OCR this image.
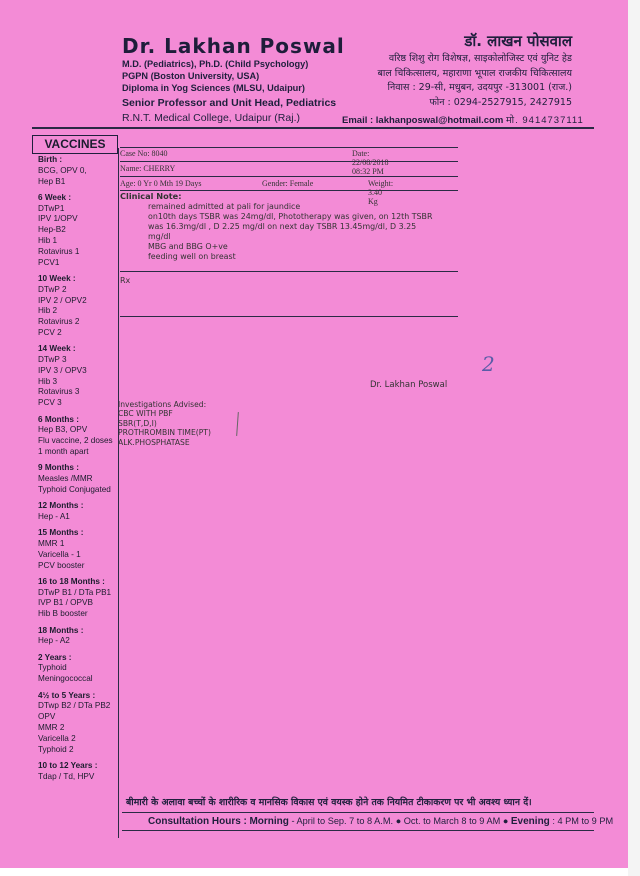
Dr. Lakhan Poswal
M.D. (Pediatrics), Ph.D. (Child Psychology)
PGPN (Boston University, USA)
Diploma in Yog Sciences (MLSU, Udaipur)
Senior Professor and Unit Head, Pediatrics
R.N.T. Medical College, Udaipur (Raj.)
डॉ. लाखन पोसवाल
वरिष्ठ शिशु रोग विशेषज्ञ, साइकोलोजिस्ट एवं युनिट हेड
बाल चिकित्सालय, महाराणा भूपाल राजकीय चिकित्सालय
निवास : 29-सी, मधुबन, उदयपुर -313001 (राज.)
फोन : 0294-2527915, 2427915
Email : lakhanposwal@hotmail.com मो. 9414737111
VACCINES
Birth :
BCG, OPV 0,
Hep B1
6 Week :
DTwP1
IPV 1/OPV
Hep-B2
Hib 1
Rotavirus 1
PCV1
10 Week :
DTwP 2
IPV 2 / OPV2
Hib 2
Rotavirus 2
PCV 2
14 Week :
DTwP 3
IPV 3 / OPV3
Hib 3
Rotavirus 3
PCV 3
6 Months :
Hep B3, OPV
Flu vaccine, 2 doses
1 month apart
9 Months :
Measles /MMR
Typhoid Conjugated
12 Months :
Hep - A1
15 Months :
MMR 1
Varicella - 1
PCV booster
16 to 18 Months :
DTwP B1 / DTa PB1
IVP B1 / OPVB
Hib B booster
18 Months :
Hep - A2
2 Years :
Typhoid
Meningococcal
4½ to 5 Years :
DTwp B2 / DTa PB2
OPV
MMR 2
Varicella 2
Typhoid 2
10 to 12 Years :
Tdap / Td, HPV
Case No: 8040	Date: 22/08/2018 08:32 PM
Name: CHERRY
Age: 0 Yr 0 Mth 19 Days	Gender: Female	Weight: 3.40 Kg
Clinical Note:
remained admitted at pali for jaundice
on10th days TSBR was 24mg/dl, Phototherapy was given, on 12th TSBR
was 16.3mg/dl , D 2.25 mg/dl on next day TSBR 13.45mg/dl, D 3.25
mg/dl
MBG and BBG O+ve
feeding well on breast
Rx
2
Dr. Lakhan Poswal
Investigations Advised:
CBC WITH PBF
SBR(T,D,I)
PROTHROMBIN TIME(PT)
ALK.PHOSPHATASE
बीमारी के अलावा बच्चों के शारीरिक व मानसिक विकास एवं वयस्क होने तक नियमित टीकाकरण पर भी अवश्य ध्यान दें।
Consultation Hours : Morning - April to Sep. 7 to 8 A.M. ● Oct. to March 8 to 9 AM ● Evening : 4 PM to 9 PM
